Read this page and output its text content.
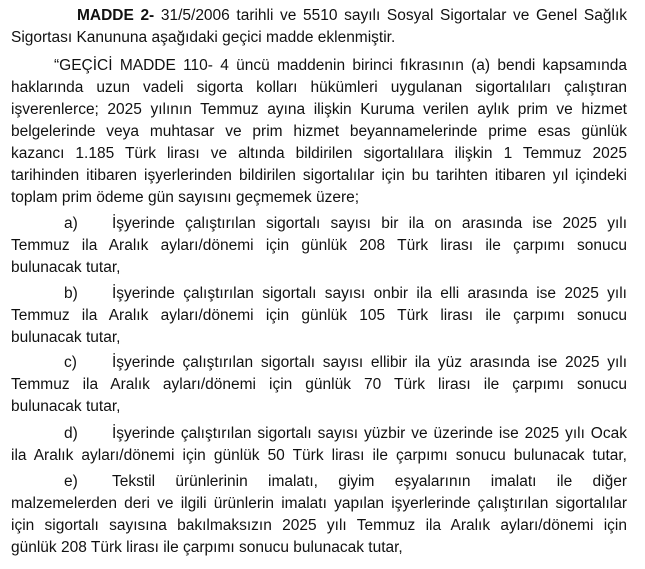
MADDE 2- 31/5/2006 tarihli ve 5510 sayılı Sosyal Sigortalar ve Genel Sağlık
Sigortası Kanununa aşağıdaki geçici madde eklenmiştir.
“GEÇİCİ MADDE 110- 4 üncü maddenin birinci fıkrasının (a) bendi kapsamında
haklarında uzun vadeli sigorta kolları hükümleri uygulanan sigortalıları çalıştıran
işverenlerce; 2025 yılının Temmuz ayına ilişkin Kuruma verilen aylık prim ve hizmet
belgelerinde veya muhtasar ve prim hizmet beyannamelerinde prime esas günlük
kazancı 1.185 Türk lirası ve altında bildirilen sigortalılara ilişkin 1 Temmuz 2025
tarihinden itibaren işyerlerinden bildirilen sigortalılar için bu tarihten itibaren yıl içindeki
toplam prim ödeme gün sayısını geçmemek üzere;
a) İşyerinde çalıştırılan sigortalı sayısı bir ila on arasında ise 2025 yılı
Temmuz ila Aralık ayları/dönemi için günlük 208 Türk lirası ile çarpımı sonucu
bulunacak tutar,
b) İşyerinde çalıştırılan sigortalı sayısı onbir ila elli arasında ise 2025 yılı
Temmuz ila Aralık ayları/dönemi için günlük 105 Türk lirası ile çarpımı sonucu
bulunacak tutar,
c) İşyerinde çalıştırılan sigortalı sayısı ellibir ila yüz arasında ise 2025 yılı
Temmuz ila Aralık ayları/dönemi için günlük 70 Türk lirası ile çarpımı sonucu
bulunacak tutar,
d) İşyerinde çalıştırılan sigortalı sayısı yüzbir ve üzerinde ise 2025 yılı Ocak
ila Aralık ayları/dönemi için günlük 50 Türk lirası ile çarpımı sonucu bulunacak tutar,
e) Tekstil ürünlerinin imalatı, giyim eşyalarının imalatı ile diğer
malzemelerden deri ve ilgili ürünlerin imalatı yapılan işyerlerinde çalıştırılan sigortalılar
için sigortalı sayısına bakılmaksızın 2025 yılı Temmuz ila Aralık ayları/dönemi için
günlük 208 Türk lirası ile çarpımı sonucu bulunacak tutar,
